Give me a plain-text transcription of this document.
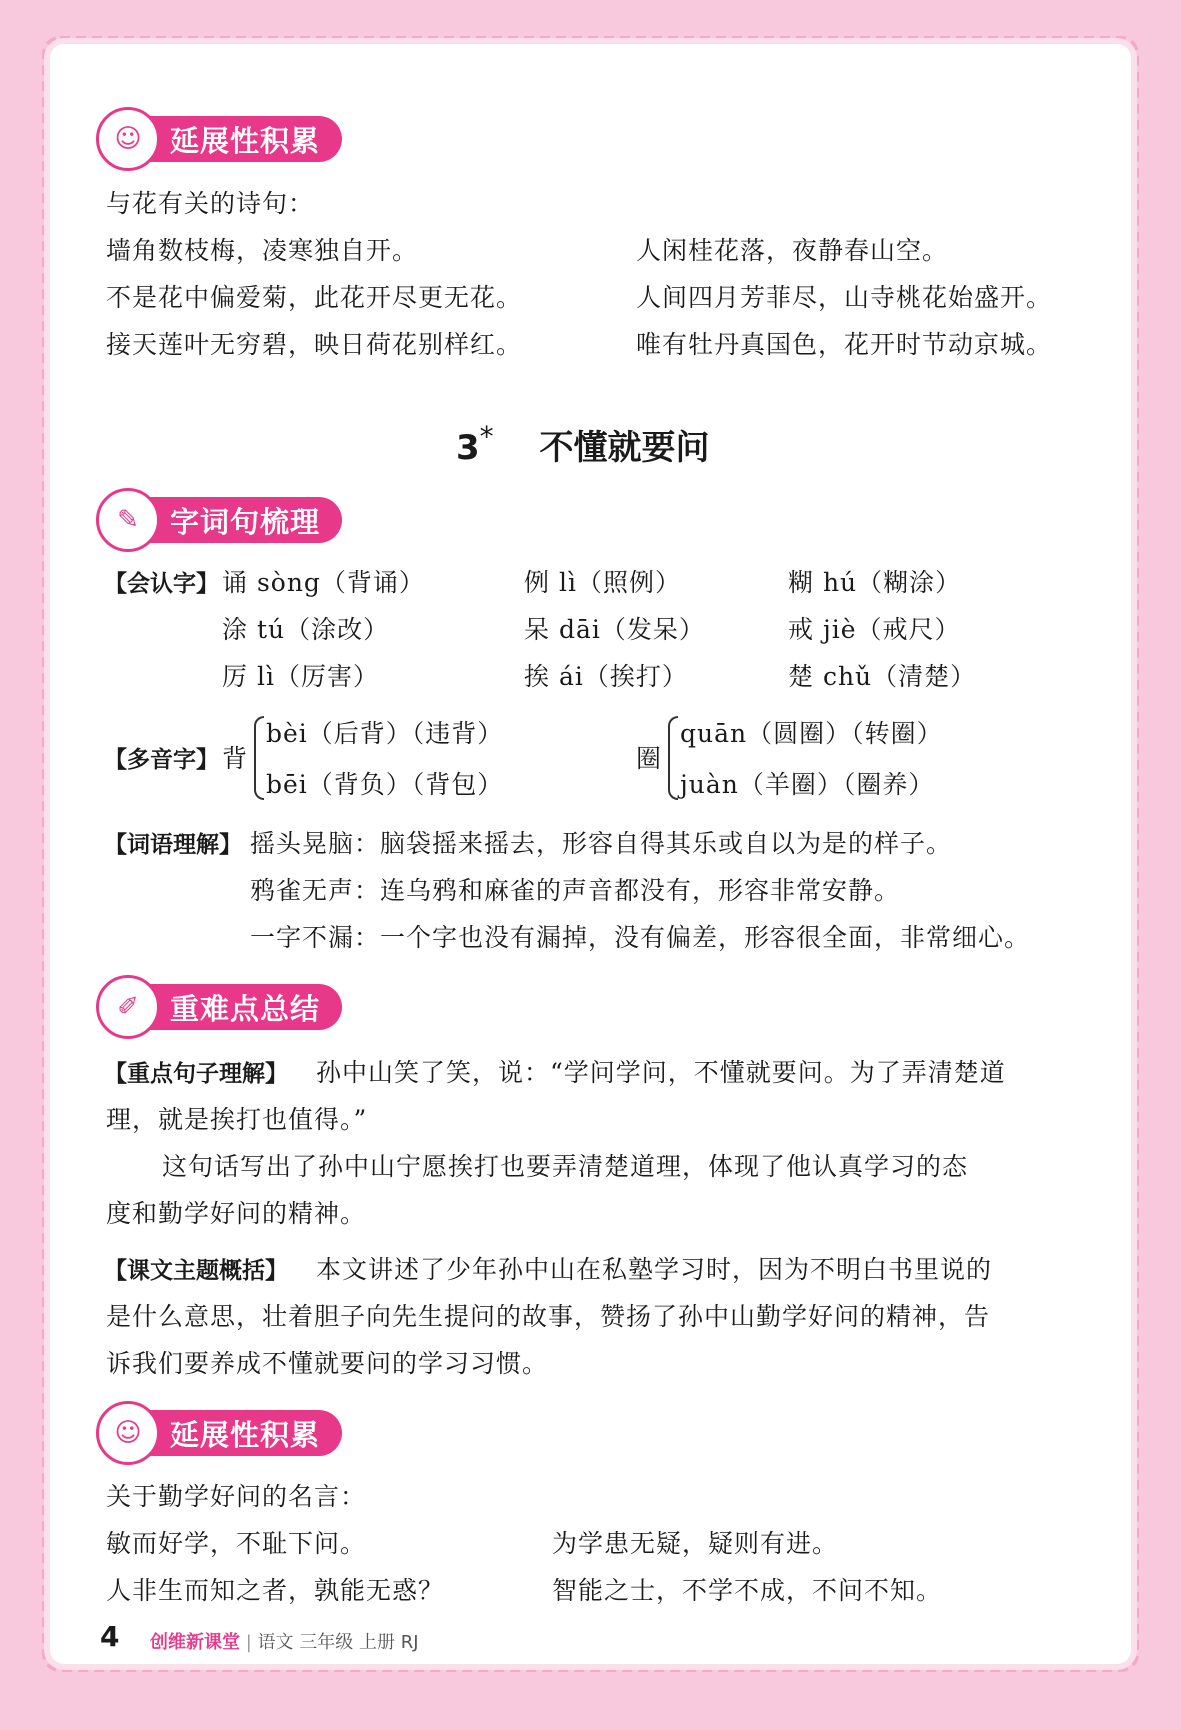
☺ 延展性积累
与花有关的诗句：
墙角数枝梅，凌寒独自开。
不是花中偏爱菊，此花开尽更无花。
接天莲叶无穷碧，映日荷花别样红。
人闲桂花落，夜静春山空。
人间四月芳菲尽，山寺桃花始盛开。
唯有牡丹真国色，花开时节动京城。
3* 不懂就要问
✎	字词句梳理
【会认字】 诵 sòng（背诵）	例 lì（照例）	糊 hú（糊涂）
涂 tú（涂改）	呆 dāi（发呆）	戒 jiè（戒尺）
厉 lì（厉害）	挨 ái（挨打）	楚 chǔ（清楚）
【多音字】 背
bèi（后背）（违背）
bēi（背负）（背包）
圈
quān（圆圈）（转圈）
juàn（羊圈）（圈养）
【词语理解】 摇头晃脑：脑袋摇来摇去，形容自得其乐或自以为是的样子。
鸦雀无声：连乌鸦和麻雀的声音都没有，形容非常安静。
一字不漏：一个字也没有漏掉，没有偏差，形容很全面，非常细心。
✐	重难点总结
【重点句子理解】 孙中山笑了笑，说：“学问学问，不懂就要问。为了弄清楚道
理，就是挨打也值得。”
这句话写出了孙中山宁愿挨打也要弄清楚道理，体现了他认真学习的态
度和勤学好问的精神。
【课文主题概括】 本文讲述了少年孙中山在私塾学习时，因为不明白书里说的
是什么意思，壮着胆子向先生提问的故事，赞扬了孙中山勤学好问的精神，告
诉我们要养成不懂就要问的学习习惯。
☺ 延展性积累
关于勤学好问的名言：
敏而好学，不耻下问。
人非生而知之者，孰能无惑？
为学患无疑，疑则有进。
智能之士，不学不成，不问不知。
4 创维新课堂 | 语文 三年级 上册 RJ
